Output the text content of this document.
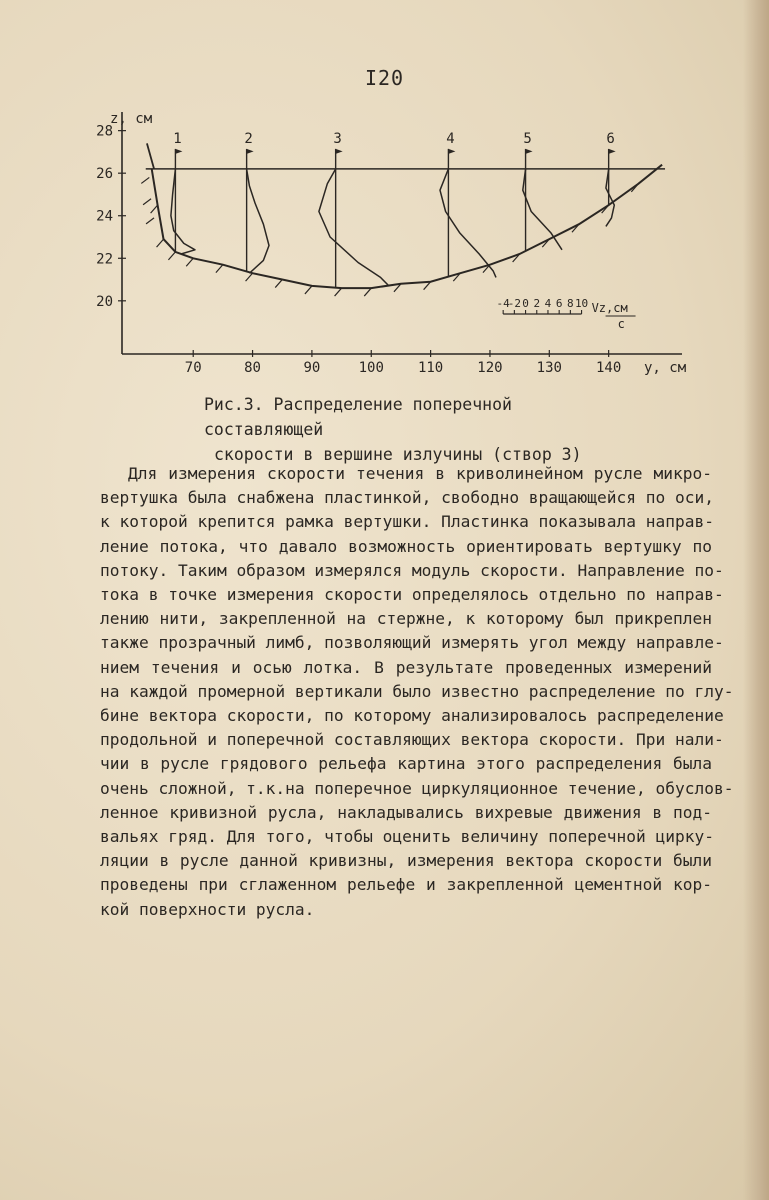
I20
28
26
24
22
20
70	80	90	100 110 120 130 140
z, см
y, см
1	2	3	4	5	6
-4
-2 0 2 4 6 8 10 Vz,см
с
Рис.3. Распределение поперечной составляющей
скорости в вершине излучины (створ 3)
Для измерения скорости течения в криволинейном русле микро-
вертушка была снабжена пластинкой, свободно вращающейся по оси,
к которой крепится рамка вертушки. Пластинка показывала направ-
ление потока, что давало возможность ориентировать вертушку по
потоку. Таким образом измерялся модуль скорости. Направление по-
тока в точке измерения скорости определялось отдельно по направ-
лению нити, закрепленной на стержне, к которому был прикреплен
также прозрачный лимб, позволяющий измерять угол между направле-
нием течения и осью лотка. В результате проведенных измерений
на каждой промерной вертикали было известно распределение по глу-
бине вектора скорости, по которому анализировалось распределение
продольной и поперечной составляющих вектора скорости. При нали-
чии в русле грядового рельефа картина этого распределения была
очень сложной, т.к.на поперечное циркуляционное течение, обуслов-
ленное кривизной русла, накладывались вихревые движения в под-
вальях гряд. Для того, чтобы оценить величину поперечной цирку-
ляции в русле данной кривизны, измерения вектора скорости были
проведены при сглаженном рельефе и закрепленной цементной кор-
кой поверхности русла.
